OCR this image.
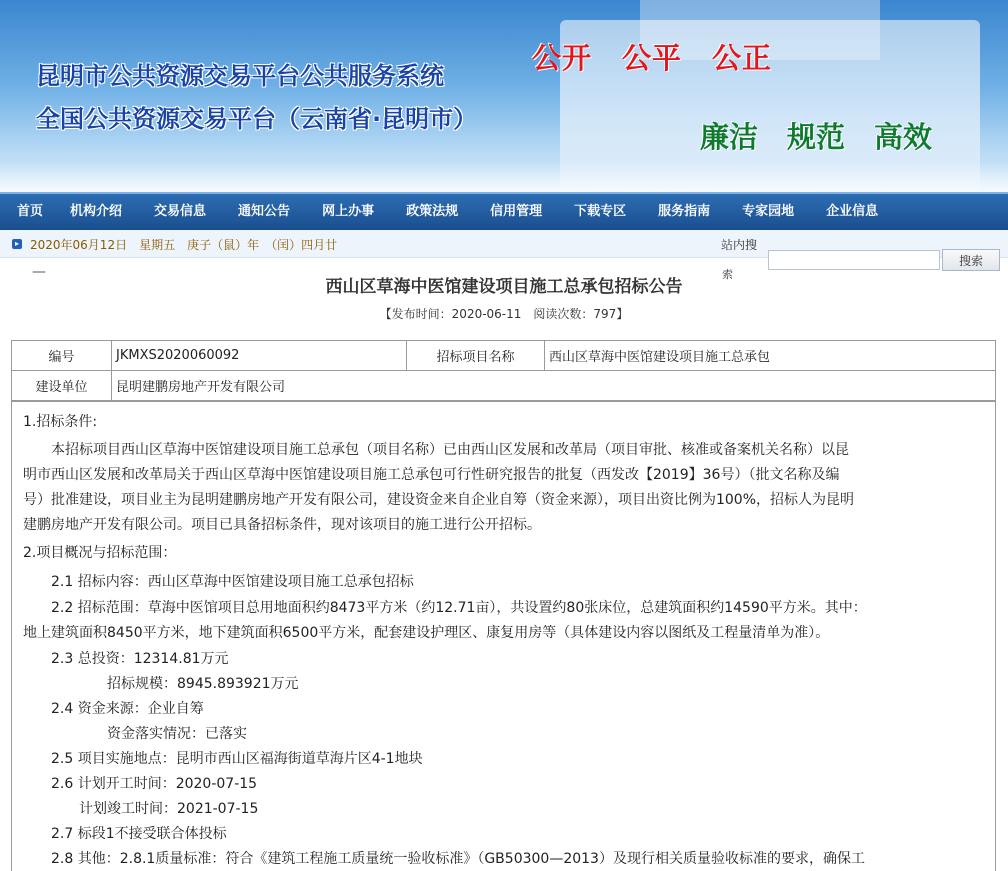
昆明市公共资源交易平台公共服务系统
全国公共资源交易平台（云南省·昆明市）
公开　公平　公正
廉洁　规范　高效
首页	机构介绍	交易信息	通知公告	网上办事	政策法规	信用管理	下载专区	服务指南	专家园地	企业信息
▸ 2020年06月12日　星期五　庚子（鼠）年　（闰）四月廿	站内搜
搜索
索
—
西山区草海中医馆建设项目施工总承包招标公告
【发布时间：2020-06-11　阅读次数：797】
编号	JKMXS2020060092	招标项目名称	西山区草海中医馆建设项目施工总承包
建设单位	昆明建鹏房地产开发有限公司		

1.招标条件:

　　本招标项目西山区草海中医馆建设项目施工总承包（项目名称）已由西山区发展和改革局（项目审批、核准或备案机关名称）以昆

明市西山区发展和改革局关于西山区草海中医馆建设项目施工总承包可行性研究报告的批复（西发改【2019】36号）（批文名称及编

号）批准建设，项目业主为昆明建鹏房地产开发有限公司，建设资金来自企业自筹（资金来源），项目出资比例为100%，招标人为昆明

建鹏房地产开发有限公司。项目已具备招标条件，现对该项目的施工进行公开招标。

2.项目概况与招标范围：

　　2.1 招标内容：西山区草海中医馆建设项目施工总承包招标

　　2.2 招标范围：草海中医馆项目总用地面积约8473平方米（约12.71亩），共设置约80张床位，总建筑面积约14590平方米。其中：

地上建筑面积8450平方米，地下建筑面积6500平方米，配套建设护理区、康复用房等（具体建设内容以图纸及工程量清单为准）。

　　2.3 总投资：12314.81万元

　　　　　　招标规模：8945.893921万元

　　2.4 资金来源：企业自筹

　　　　　　资金落实情况：已落实

　　2.5 项目实施地点：昆明市西山区福海街道草海片区4-1地块

　　2.6 计划开工时间：2020-07-15

　　　　计划竣工时间：2021-07-15

　　2.7 标段1不接受联合体投标

　　2.8 其他：2.8.1质量标准：符合《建筑工程施工质量统一验收标准》（GB50300—2013）及现行相关质量验收标准的要求，确保工
